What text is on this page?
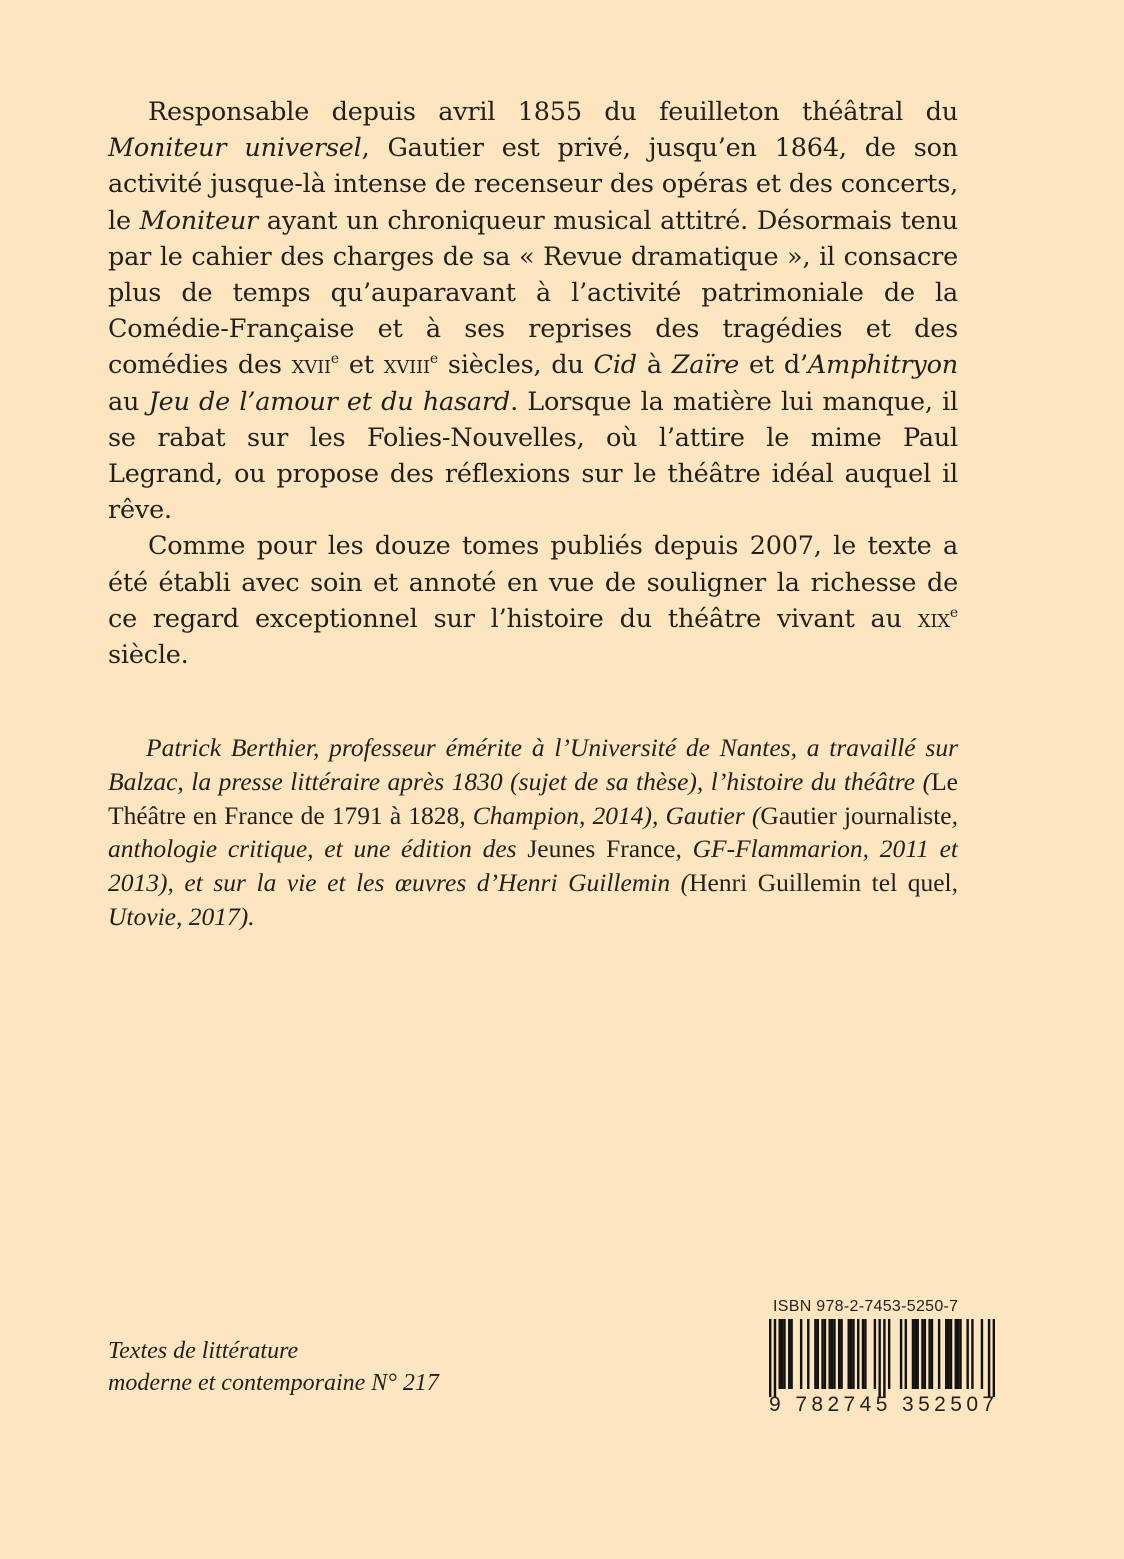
Responsable depuis avril 1855 du feuilleton théâtral du Moniteur universel, Gautier est privé, jusqu’en 1864, de son activité jusque-là intense de recenseur des opéras et des concerts, le Moniteur ayant un chroniqueur musical attitré. Désormais tenu par le cahier des charges de sa « Revue dramatique », il consacre plus de temps qu’auparavant à l’activité patrimoniale de la Comédie-Française et à ses reprises des tragédies et des comédies des xvii$^e$ et xviii$^e$ siècles, du Cid à Zaïre et d’Amphitryon au Jeu de l’amour et du hasard. Lorsque la matière lui manque, il se rabat sur les Folies-Nouvelles, où l’attire le mime Paul Legrand, ou propose des réflexions sur le théâtre idéal auquel il rêve.

Comme pour les douze tomes publiés depuis 2007, le texte a été établi avec soin et annoté en vue de souligner la richesse de ce regard exceptionnel sur l’histoire du théâtre vivant au xix$^e$ siècle.

Patrick Berthier, professeur émérite à l’Université de Nantes, a travaillé sur Balzac, la presse littéraire après 1830 (sujet de sa thèse), l’histoire du théâtre (Le Théâtre en France de 1791 à 1828, Champion, 2014), Gautier (Gautier journaliste, anthologie critique, et une édition des Jeunes France, GF-Flammarion, 2011 et 2013), et sur la vie et les œuvres d’Henri Guillemin (Henri Guillemin tel quel, Utovie, 2017).

Textes de littérature
moderne et contemporaine N° 217
ISBN 978-2-7453-5250-7
9 782745 352507
